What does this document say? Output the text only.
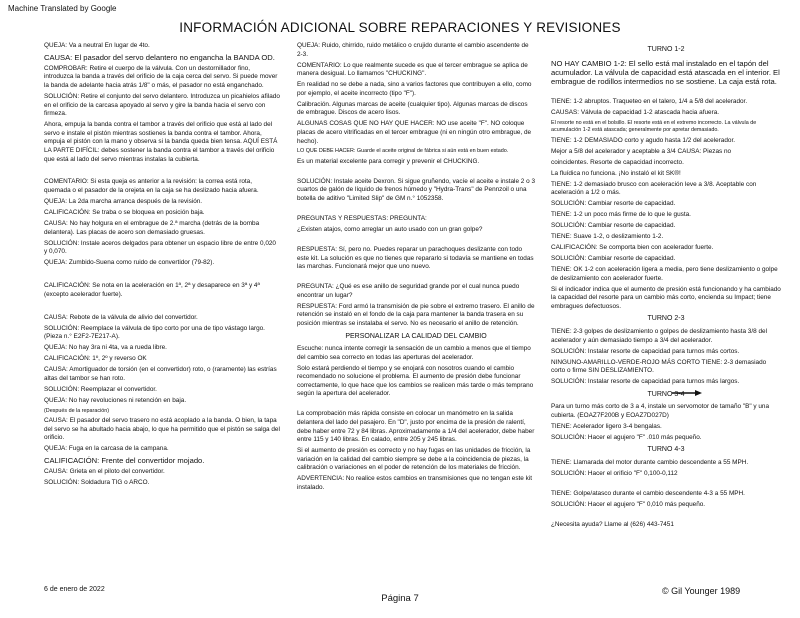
Machine Translated by Google
INFORMACIÓN ADICIONAL SOBRE REPARACIONES Y REVISIONES

QUEJA: Va a neutral En lugar de 4to.

CAUSA: El pasador del servo delantero no engancha la BANDA OD.

COMPROBAR: Retire el cuerpo de la válvula. Con un destornillador fino, introduzca la banda a través del orificio de la caja cerca del servo. Si puede mover la banda de adelante hacia atrás 1/8" o más, el pasador no está enganchado.

SOLUCIÓN: Retire el conjunto del servo delantero. Introduzca un picahielos afilado en el orificio de la carcasa apoyado al servo y gire la banda hacia el servo con firmeza.

Ahora, empuja la banda contra el tambor a través del orificio que está al lado del servo e instale el pistón mientras sostienes la banda contra el tambor. Ahora, empuja el pistón con la mano y observa si la banda queda bien tensa. AQUÍ ESTÁ LA PARTE DIFÍCIL: debes sostener la banda contra el tambor a través del orificio que está al lado del servo mientras instalas la cubierta.

COMENTARIO: Si esta queja es anterior a la revisión: la correa está rota, quemada o el pasador de la orejeta en la caja se ha deslizado hacia afuera.

QUEJA: La 2da marcha arranca después de la revisión.

CALIFICACIÓN: Se traba o se bloquea en posición baja.

CAUSA: No hay holgura en el embrague de 2.ª marcha (detrás de la bomba delantera). Las placas de acero son demasiado gruesas.

SOLUCIÓN: Instale aceros delgados para obtener un espacio libre de entre 0,020 y 0,070.

QUEJA: Zumbido-Suena como ruido de convertidor (79-82).

CALIFICACIÓN: Se nota en la aceleración en 1ª, 2ª y desaparece en 3ª y 4ª (excepto acelerador fuerte).

CAUSA: Rebote de la válvula de alivio del convertidor.

SOLUCIÓN: Reemplace la válvula de tipo corto por una de tipo vástago largo. (Pieza n.° E2F2-7E217-A).

QUEJA: No hay 3ra ni 4ta, va a rueda libre.

CALIFICACIÓN: 1º, 2º y reverso OK

CAUSA: Amortiguador de torsión (en el convertidor) roto, o (raramente) las estrías altas del tambor se han roto.

SOLUCIÓN: Reemplazar el convertidor.

QUEJA: No hay revoluciones ni retención en baja.

(Después de la reparación)

CAUSA: El pasador del servo trasero no está acoplado a la banda. O bien, la tapa del servo se ha abultado hacia abajo, lo que ha permitido que el pistón se salga del orificio.

QUEJA: Fuga en la carcasa de la campana.

CALIFICACIÓN: Frente del convertidor mojado.

CAUSA: Grieta en el piloto del convertidor.

SOLUCIÓN: Soldadura TIG o ARCO.

QUEJA: Ruido, chirrido, ruido metálico o crujido durante el cambio ascendente de 2-3.

COMENTARIO: Lo que realmente sucede es que el tercer embrague se aplica de manera desigual. Lo llamamos "CHUCKING".

En realidad no se debe a nada, sino a varios factores que contribuyen a ello, como por ejemplo, el aceite incorrecto (tipo "F").

Calibración. Algunas marcas de aceite (cualquier tipo). Algunas marcas de discos de embrague. Discos de acero lisos.

ALGUNAS COSAS QUE NO HAY QUE HACER: NO use aceite "F". NO coloque placas de acero vitrificadas en el tercer embrague (ni en ningún otro embrague, de hecho).

LO QUE DEBE HACER: Guarde el aceite original de fábrica si aún está en buen estado.

Es un material excelente para corregir y prevenir el CHUCKING.

SOLUCIÓN: Instale aceite Dexron. Si sigue gruñendo, vacíe el aceite e instale 2 o 3 cuartos de galón de líquido de frenos húmedo y "Hydra-Trans" de Pennzoil o una botella de aditivo "Limited Slip" de GM n.° 1052358.

PREGUNTAS Y RESPUESTAS: PREGUNTA:

¿Existen atajos, como arreglar un auto usado con un gran golpe?

RESPUESTA: Sí, pero no. Puedes reparar un parachoques deslizante con todo este kit. La solución es que no tienes que repararlo si todavía se mantiene en todas las marchas. Funcionará mejor que uno nuevo.

PREGUNTA: ¿Qué es ese anillo de seguridad grande por el cual nunca puedo encontrar un lugar?

RESPUESTA: Ford armó la transmisión de pie sobre el extremo trasero. El anillo de retención se instaló en el fondo de la caja para mantener la banda trasera en su posición mientras se instalaba el servo. No es necesario el anillo de retención.

PERSONALIZAR LA CALIDAD DEL CAMBIO

Escuche: nunca intente corregir la sensación de un cambio a menos que el tiempo del cambio sea correcto en todas las aperturas del acelerador.

Solo estará perdiendo el tiempo y se enojará con nosotros cuando el cambio recomendado no solucione el problema. El aumento de presión debe funcionar correctamente, lo que hace que los cambios se realicen más tarde o más temprano según la apertura del acelerador.

La comprobación más rápida consiste en colocar un manómetro en la salida delantera del lado del pasajero. En "D", justo por encima de la presión de ralentí, debe haber entre 72 y 84 libras. Aproximadamente a 1/4 del acelerador, debe haber entre 115 y 140 libras. En calado, entre 205 y 245 libras.

Si el aumento de presión es correcto y no hay fugas en las unidades de fricción, la variación en la calidad del cambio siempre se debe a la coincidencia de piezas, la calibración o variaciones en el poder de retención de los materiales de fricción.

ADVERTENCIA: No realice estos cambios en transmisiones que no tengan este kit instalado.

TURNO 1-2

NO HAY CAMBIO 1-2: El sello está mal instalado en el tapón del acumulador. La válvula de capacidad está atascada en el interior. El embrague de rodillos intermedios no se sostiene. La caja está rota.

TIENE: 1-2 abruptos. Traqueteo en el talero, 1/4 a 5/8 del acelerador.

CAUSAS: Válvula de capacidad 1-2 atascada hacia afuera.

El resorte no está en el bolsillo. El resorte está en el extremo incorrecto. La válvula de acumulación 1-2 está atascada; generalmente por apretar demasiado.

TIENE: 1-2 DEMASIADO corto y agudo hasta 1/2 del acelerador.

Mejor a 5/8 del acelerador y aceptable a 3/4 CAUSA: Piezas no

coincidentes. Resorte de capacidad incorrecto.

La fluídica no funciona. ¡No instaló el kit SK®!

TIENE: 1-2 demasiado brusco con aceleración leve a 3/8. Aceptable con aceleración a 1/2 o más.

SOLUCIÓN: Cambiar resorte de capacidad.

TIENE: 1-2 un poco más firme de lo que le gusta.

SOLUCIÓN: Cambiar resorte de capacidad.

TIENE: Suave 1-2, o deslizamiento 1-2.

CALIFICACIÓN: Se comporta bien con acelerador fuerte.

SOLUCIÓN: Cambiar resorte de capacidad.

TIENE: OK 1-2 con aceleración ligera a media, pero tiene deslizamiento o golpe de deslizamiento con acelerador fuerte.

Si el indicador indica que el aumento de presión está funcionando y ha cambiado la capacidad del resorte para un cambio más corto, encienda su Impact; tiene embragues defectuosos.

TURNO 2-3

TIENE: 2-3 golpes de deslizamiento o golpes de deslizamiento hasta 3/8 del acelerador y aún demasiado tiempo a 3/4 del acelerador.

SOLUCIÓN: Instalar resorte de capacidad para turnos más cortos.

NINGUNO-AMARILLO-VERDE-ROJO MÁS CORTO TIENE: 2-3 demasiado corto o firme SIN DESLIZAMIENTO.

SOLUCIÓN: Instalar resorte de capacidad para turnos más largos.

TURNO 3-4

Para un turno más corto de 3 a 4, instale un servomotor de tamaño "B" y una cubierta. (EOAZ7F200B y EOAZ7D027D)

TIENE: Acelerador ligero 3-4 bengalas.

SOLUCIÓN: Hacer el agujero "F" .010 más pequeño.

TURNO 4-3

TIENE: Llamarada del motor durante cambio descendente a 55 MPH.

SOLUCIÓN: Hacer el orificio "F" 0,100-0,112

TIENE: Golpe/atasco durante el cambio descendente 4-3 a 55 MPH.

SOLUCIÓN: Hacer el agujero "F" 0,010 más pequeño.

¿Necesita ayuda? Llame al (626) 443-7451

6 de enero de 2022
Página 7
© Gil Younger 1989
